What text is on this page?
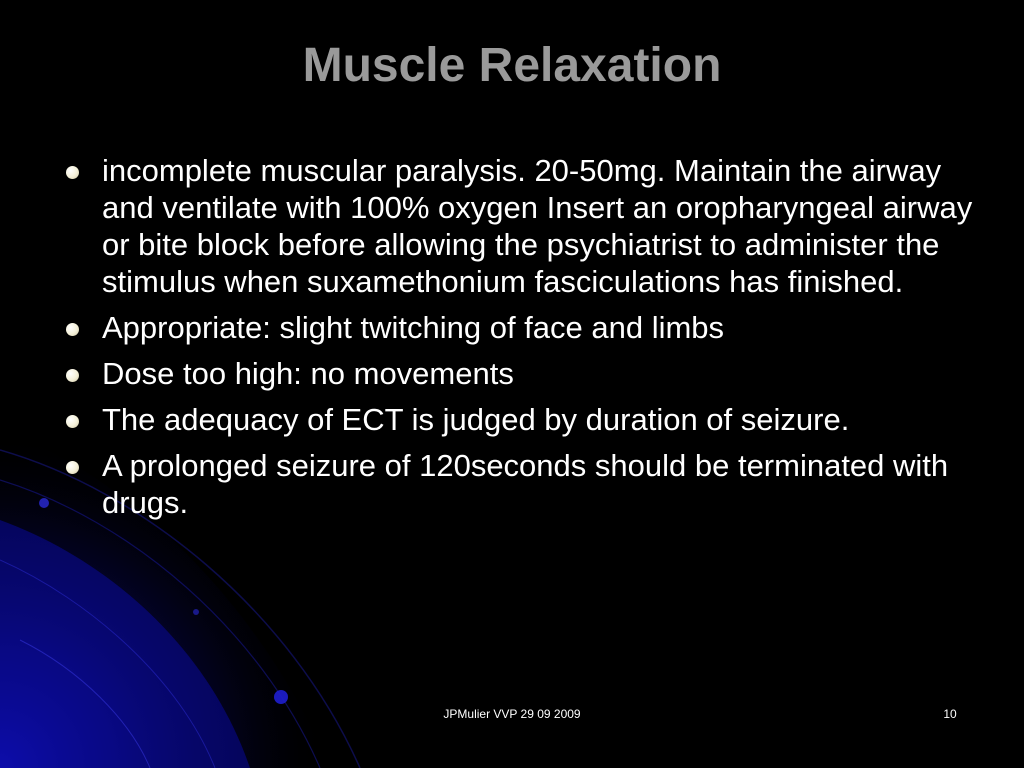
Muscle Relaxation
incomplete muscular paralysis. 20-50mg. Maintain the airway and ventilate with 100% oxygen Insert an oropharyngeal airway or bite block before allowing the psychiatrist to administer the stimulus when suxamethonium fasciculations has finished.
Appropriate: slight twitching of face and limbs
Dose too high: no movements
The adequacy of ECT is judged by duration of seizure.
A prolonged seizure of 120seconds should be terminated with drugs.
JPMulier VVP 29 09 2009	10
